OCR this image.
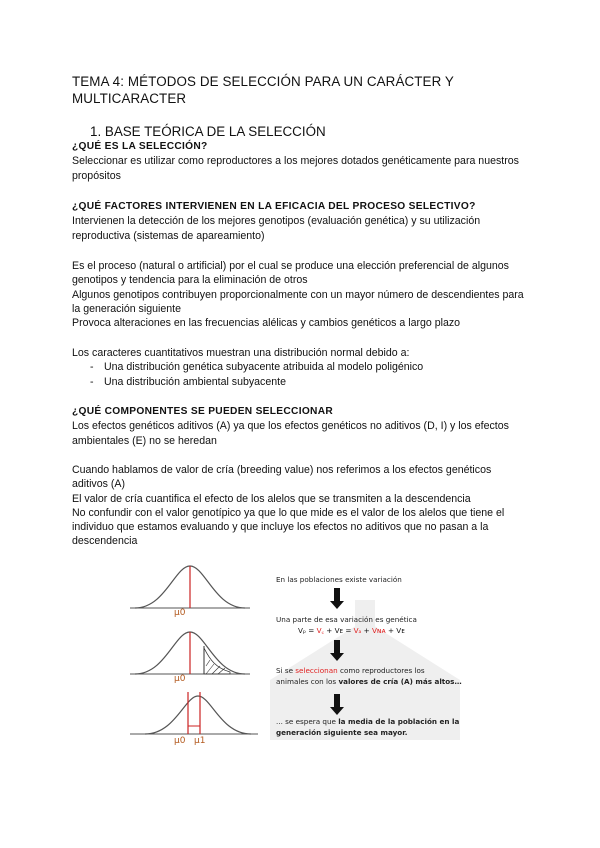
TEMA 4: MÉTODOS DE SELECCIÓN PARA UN CARÁCTER Y MULTICARACTER
1. BASE TEÓRICA DE LA SELECCIÓN

¿QUÉ ES LA SELECCIÓN?

Seleccionar es utilizar como reproductores a los mejores dotados genéticamente para nuestros propósitos

¿QUÉ FACTORES INTERVIENEN EN LA EFICACIA DEL PROCESO SELECTIVO?

Intervienen la detección de los mejores genotipos (evaluación genética) y su utilización reproductiva (sistemas de apareamiento)

Es el proceso (natural o artificial) por el cual se produce una elección preferencial de algunos genotipos y tendencia para la eliminación de otros

Algunos genotipos contribuyen proporcionalmente con un mayor número de descendientes para la generación siguiente

Provoca alteraciones en las frecuencias alélicas y cambios genéticos a largo plazo

Los caracteres cuantitativos muestran una distribución normal debido a:

- Una distribución genética subyacente atribuida al modelo poligénico
- Una distribución ambiental subyacente

¿QUÉ COMPONENTES SE PUEDEN SELECCIONAR

Los efectos genéticos aditivos (A) ya que los efectos genéticos no aditivos (D, I) y los efectos ambientales (E) no se heredan

Cuando hablamos de valor de cría (breeding value) nos referimos a los efectos genéticos aditivos (A)

El valor de cría cuantifica el efecto de los alelos que se transmiten a la descendencia

No confundir con el valor genotípico ya que lo que mide es el valor de los alelos que tiene el individuo que estamos evaluando y que incluye los efectos no aditivos que no pasan a la descendencia

μ0
μ0
μ0 μ1
En las poblaciones existe variación
Una parte de esa variación es genética
Vₚ = V꜀ + Vᴇ = Vₐ + Vɴᴀ + Vᴇ
Si se seleccionan como reproductores los
animales con los valores de cría (A) más altos…
... se espera que la media de la población en la
generación siguiente sea mayor.
